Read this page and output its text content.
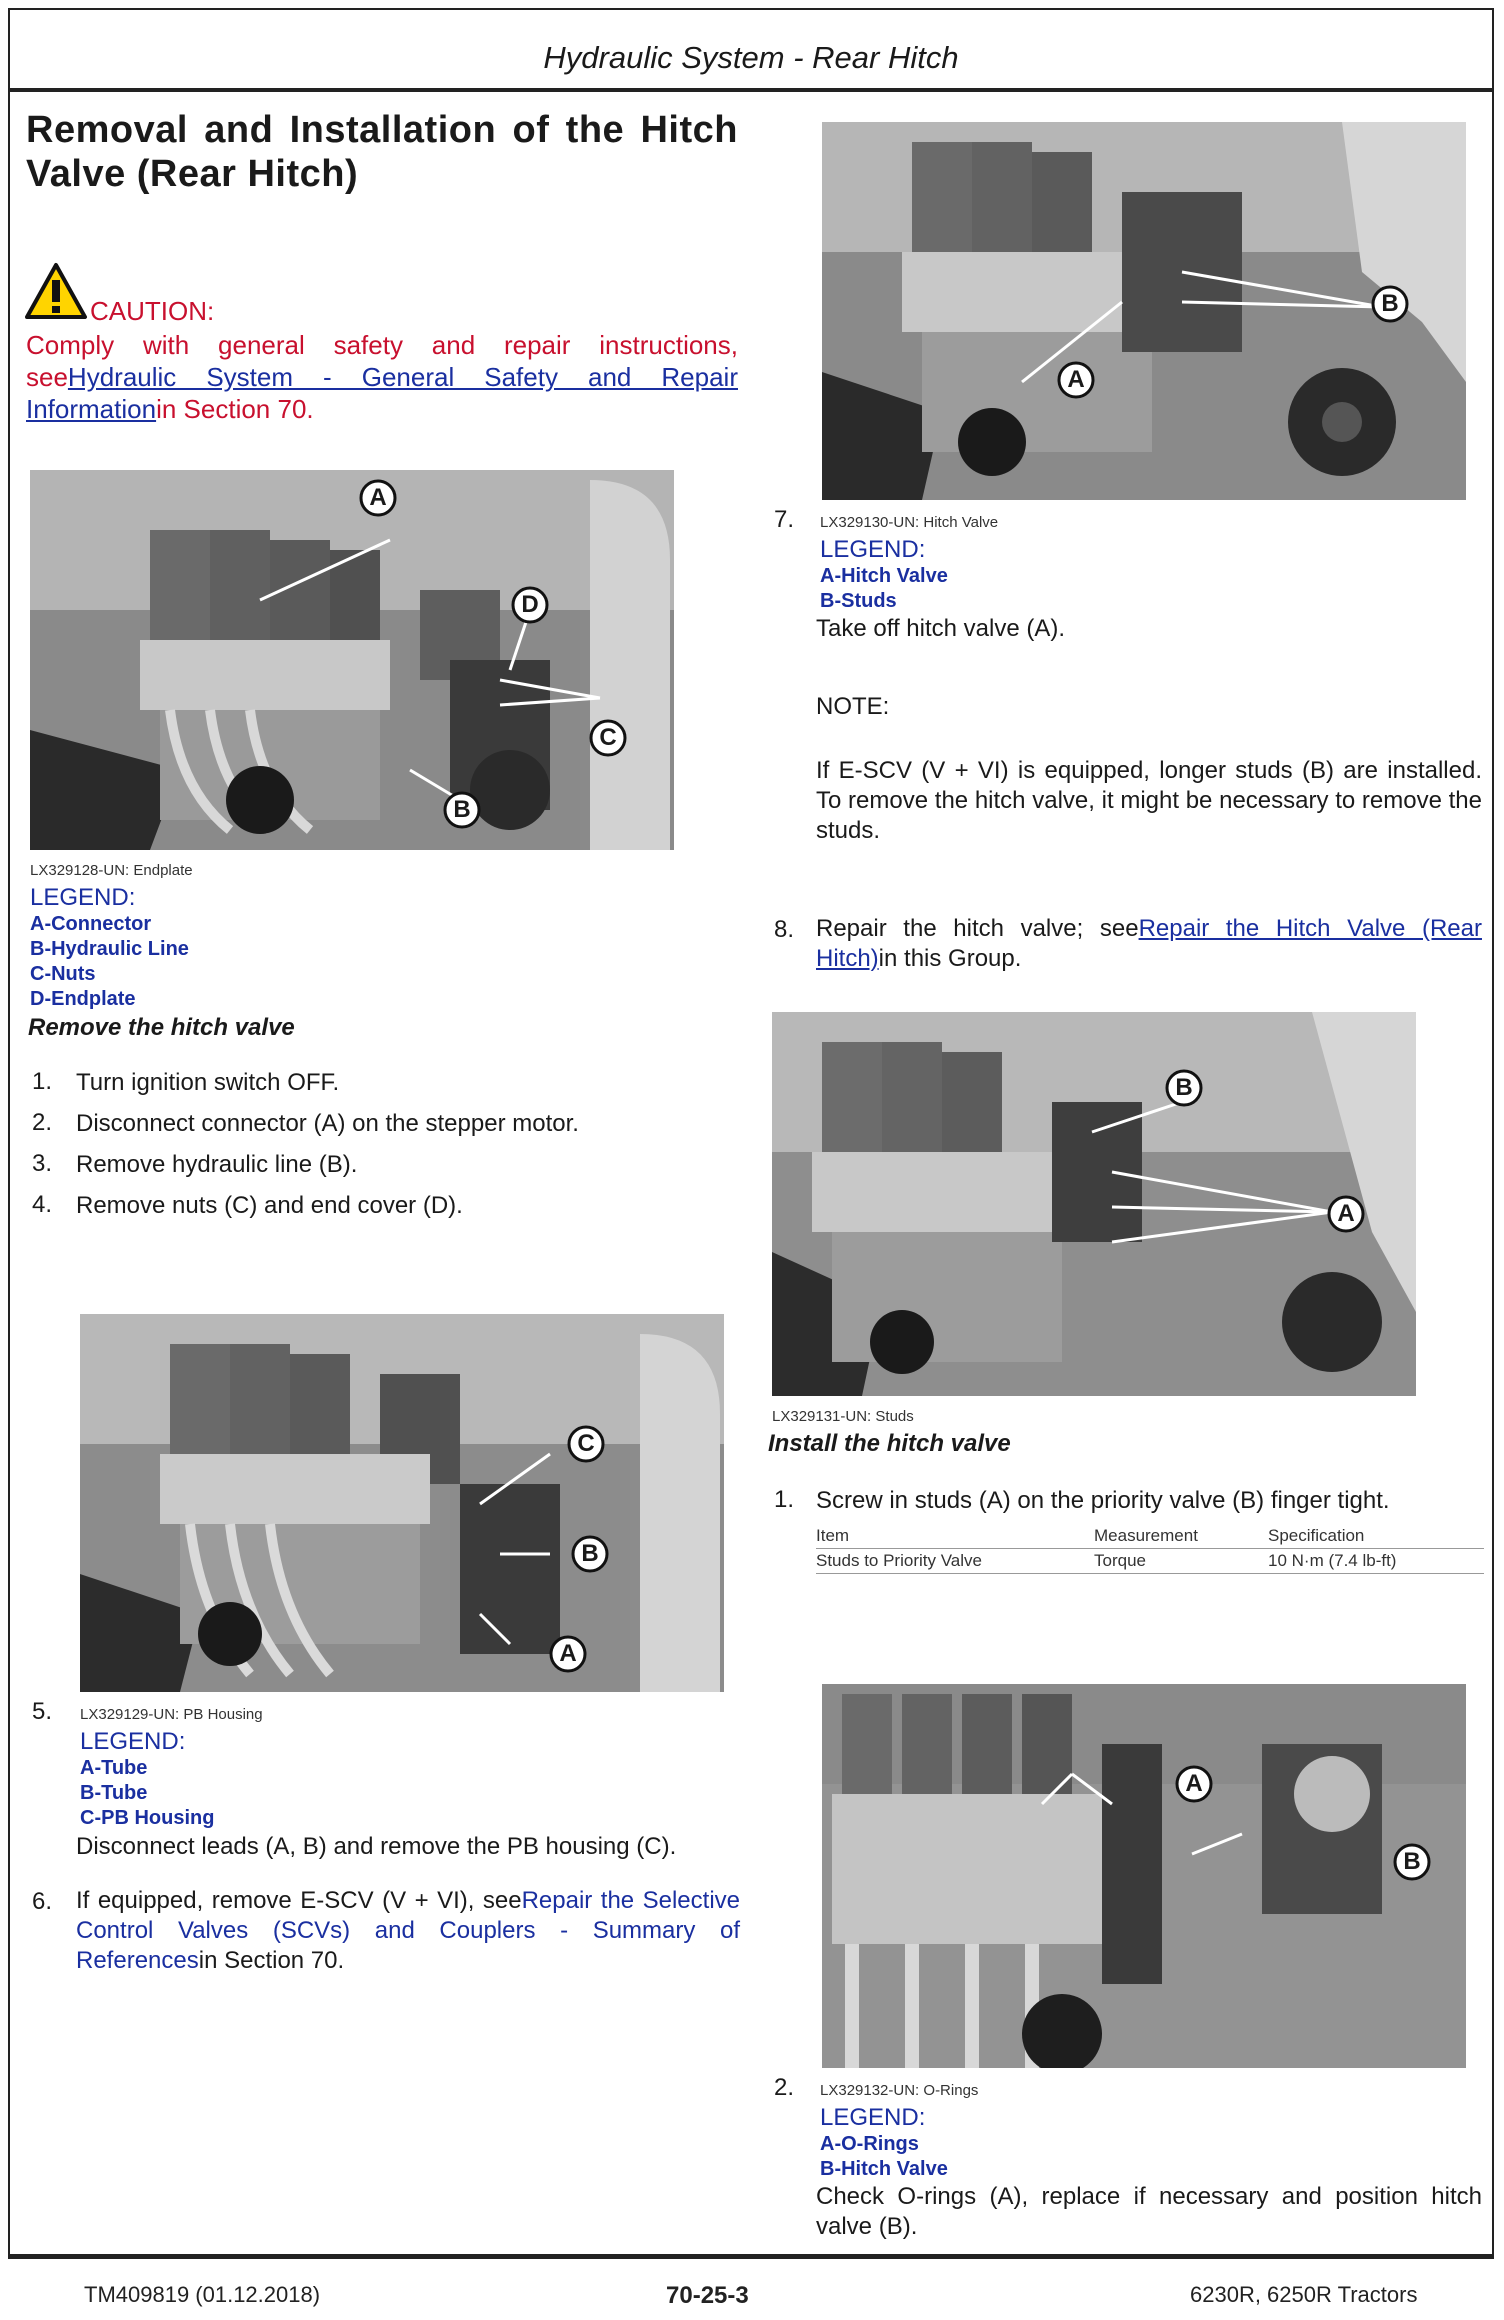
Hydraulic System - Rear Hitch
Removal and Installation of the Hitch Valve (Rear Hitch)
CAUTION:
Comply with general safety and repair instructions, seeHydraulic System - General Safety and Repair Informationin Section 70.
A
D
C
B
LX329128-UN: Endplate
LEGEND:
A-Connector
B-Hydraulic Line
C-Nuts
D-Endplate
Remove the hitch valve
1. Turn ignition switch OFF.
2. Disconnect connector (A) on the stepper motor.
3. Remove hydraulic line (B).
4. Remove nuts (C) and end cover (D).
C
B
A
5. LX329129-UN: PB Housing
LEGEND:
A-Tube
B-Tube
C-PB Housing
Disconnect leads (A, B) and remove the PB housing (C).
6. If equipped, remove E-SCV (V + VI), seeRepair the Selective Control Valves (SCVs) and Couplers - Summary of Referencesin Section 70.
B
A
7. LX329130-UN: Hitch Valve
LEGEND:
A-Hitch Valve
B-Studs
Take off hitch valve (A).
NOTE:
If E-SCV (V + VI) is equipped, longer studs (B) are installed. To remove the hitch valve, it might be necessary to remove the studs.
8. Repair the hitch valve; seeRepair the Hitch Valve (Rear Hitch)in this Group.
B
A
LX329131-UN: Studs
Install the hitch valve
1. Screw in studs (A) on the priority valve (B) finger tight.
Item	Measurement	Specification
Studs to Priority Valve	Torque	10 N·m (7.4 lb-ft)
A
B
2. LX329132-UN: O-Rings
LEGEND:
A-O-Rings
B-Hitch Valve
Check O-rings (A), replace if necessary and position hitch valve (B).
TM409819 (01.12.2018)	70-25-3	6230R, 6250R Tractors
